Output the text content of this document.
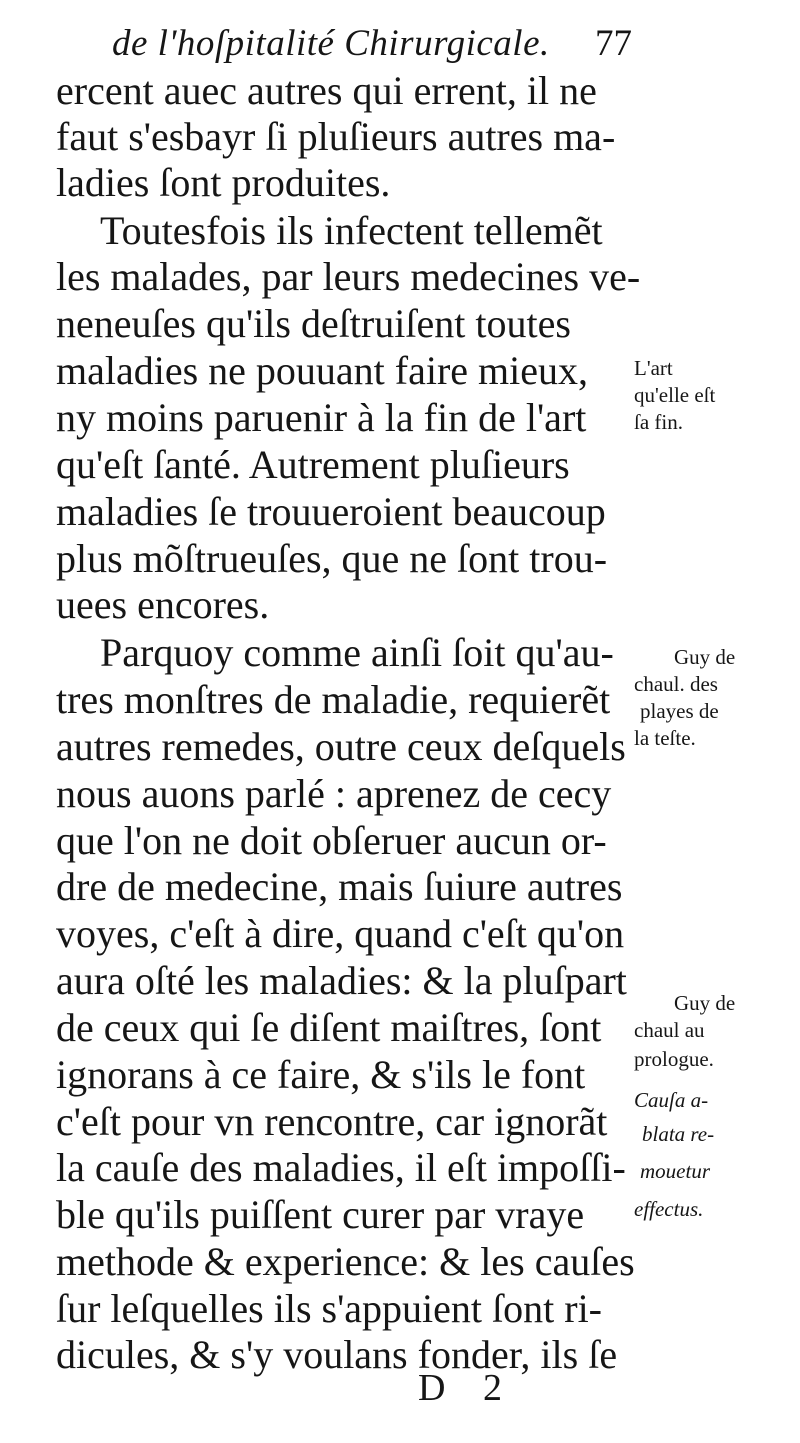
de l'hoſpitalité Chirurgicale. 77
ercent auec autres qui errent, il ne
faut s'esbayr ſi pluſieurs autres ma-
ladies ſont produites.
Toutesfois ils infectent tellemẽt
les malades, par leurs medecines ve-
neneuſes qu'ils deſtruiſent toutes
maladies ne pouuant faire mieux,
ny moins paruenir à la fin de l'art
qu'eſt ſanté. Autrement pluſieurs
maladies ſe trouueroient beaucoup
plus mõſtrueuſes, que ne ſont trou-
uees encores.
Parquoy comme ainſi ſoit qu'au-
tres monſtres de maladie, requierẽt
autres remedes, outre ceux deſquels
nous auons parlé : aprenez de cecy
que l'on ne doit obſeruer aucun or-
dre de medecine, mais ſuiure autres
voyes, c'eſt à dire, quand c'eſt qu'on
aura oſté les maladies: & la pluſpart
de ceux qui ſe diſent maiſtres, ſont
ignorans à ce faire, & s'ils le font
c'eſt pour vn rencontre, car ignorãt
la cauſe des maladies, il eſt impoſſi-
ble qu'ils puiſſent curer par vraye
methode & experience: & les cauſes
ſur leſquelles ils s'appuient ſont ri-
dicules, & s'y voulans fonder, ils ſe
L'art
qu'elle eſt
ſa fin.
Guy de
chaul. des
playes de
la teſte.
Guy de
chaul au
prologue.
Cauſa a-
blata re-
mouetur
effectus.
D 2
